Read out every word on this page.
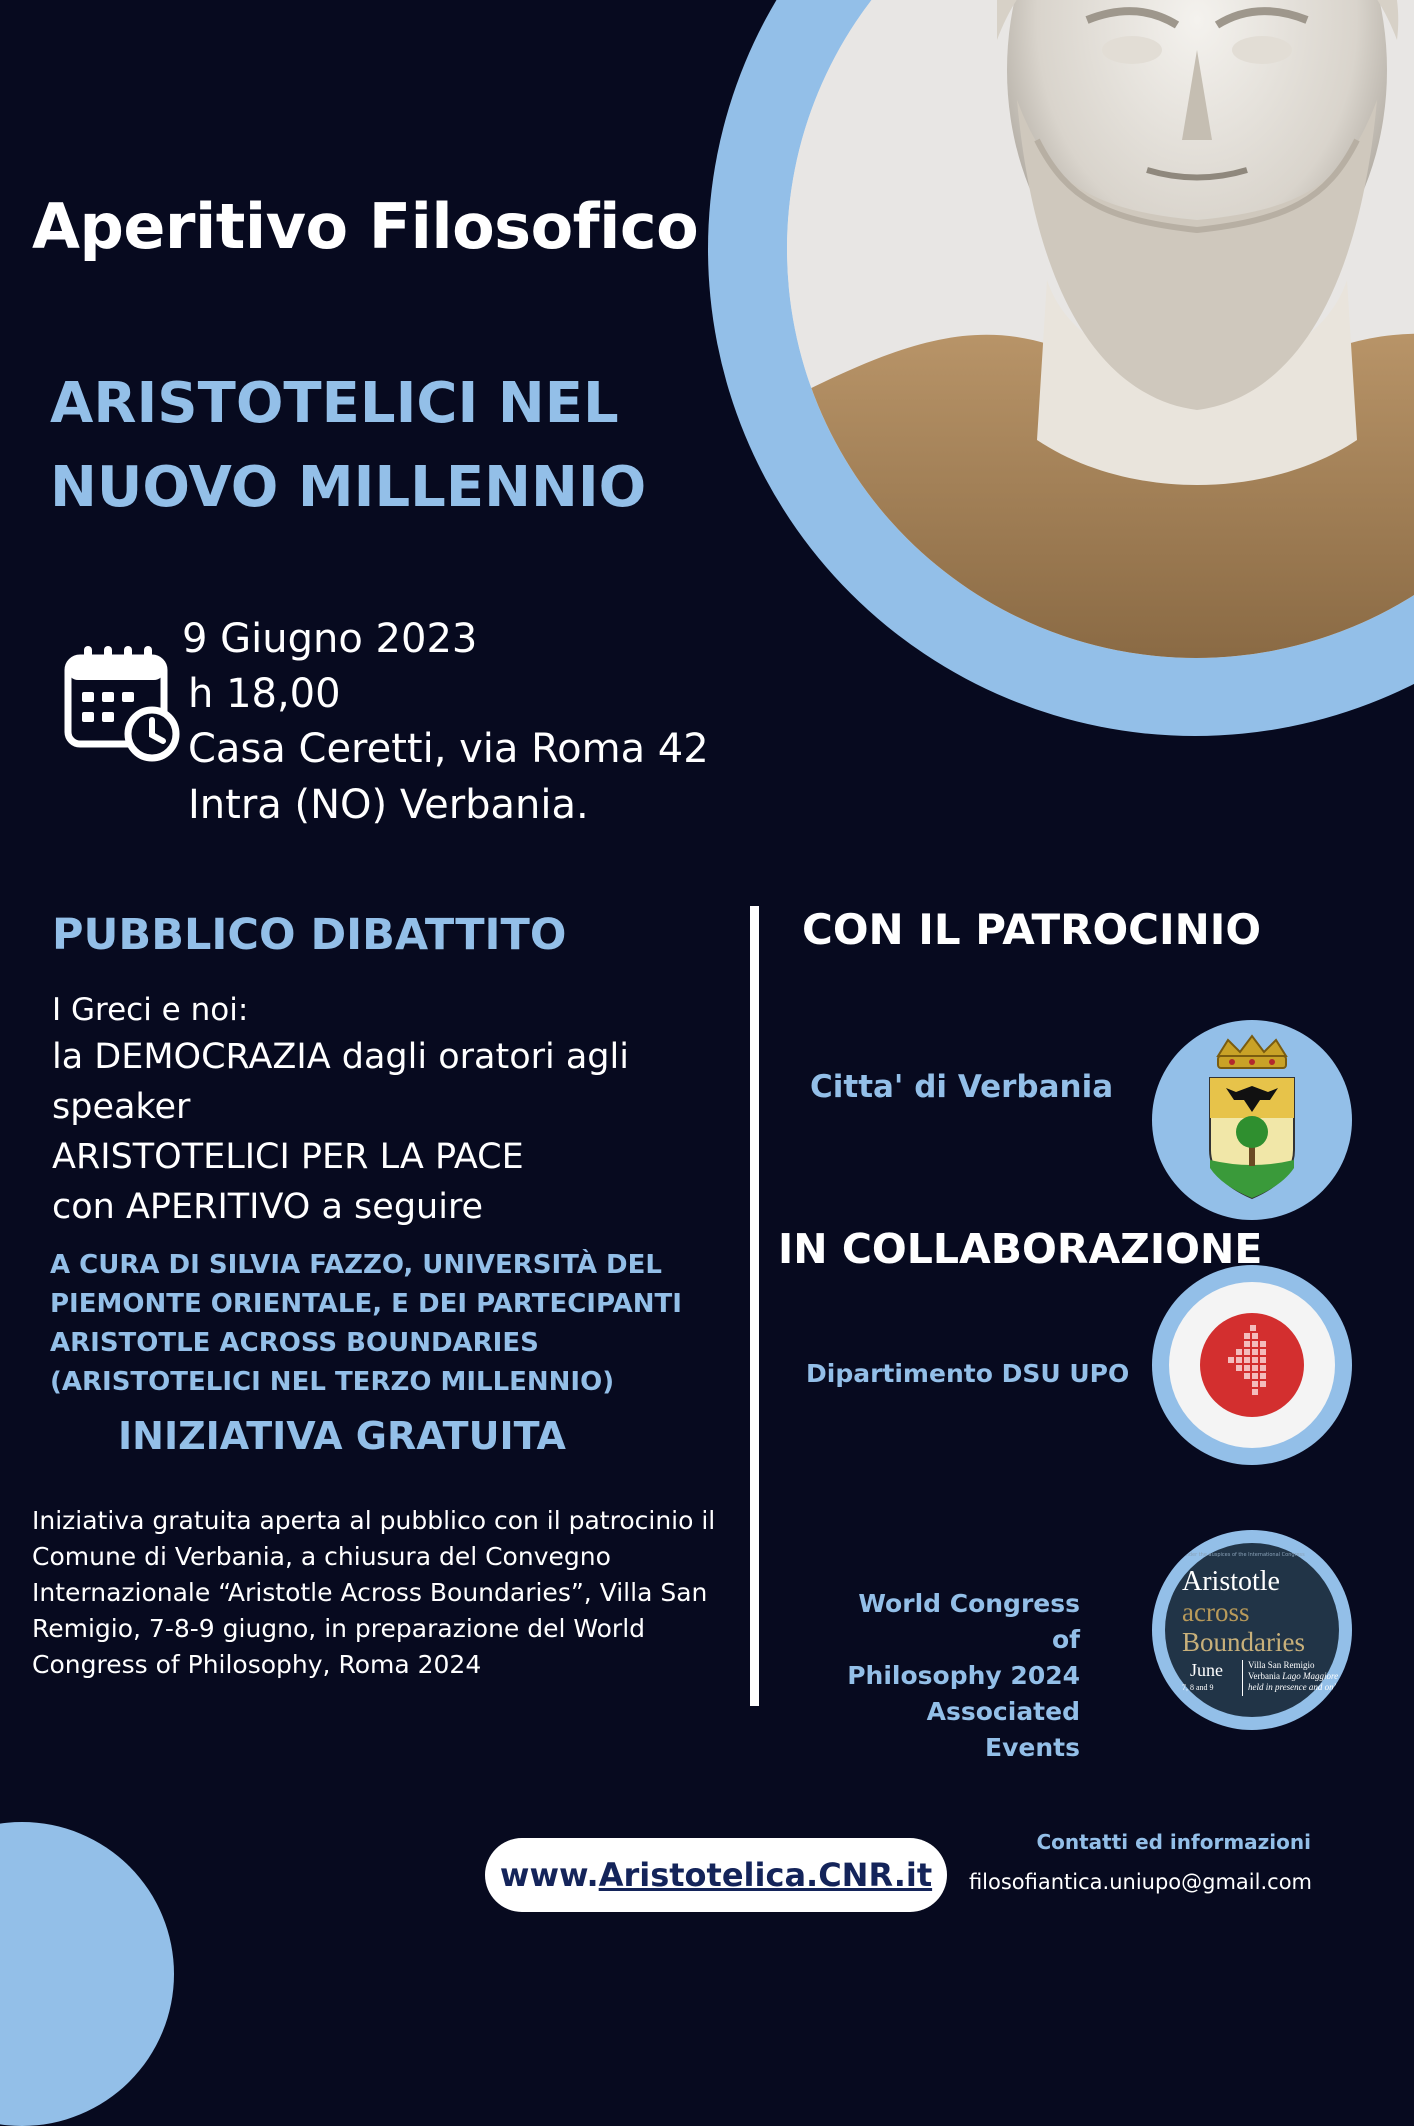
Aperitivo Filosofico
ARISTOTELICI NEL
NUOVO MILLENNIO
9 Giugno 2023
h 18,00
Casa Ceretti, via Roma 42
Intra (NO) Verbania.
PUBBLICO DIBATTITO
I Greci e noi:
la DEMOCRAZIA dagli oratori agli
speaker
ARISTOTELICI PER LA PACE
con APERITIVO a seguire
A CURA DI SILVIA FAZZO, UNIVERSITÀ DEL
PIEMONTE ORIENTALE, E DEI PARTECIPANTI
ARISTOTLE ACROSS BOUNDARIES
(ARISTOTELICI NEL TERZO MILLENNIO)
INIZIATIVA GRATUITA
Iniziativa gratuita aperta al pubblico con il patrocinio il
Comune di Verbania, a chiusura del Convegno
Internazionale “Aristotle Across Boundaries”, Villa San
Remigio, 7-8-9 giugno, in preparazione del World
Congress of Philosophy, Roma 2024
CON IL PATROCINIO
Citta' di Verbania
IN COLLABORAZIONE
Dipartimento DSU UPO
World Congress of
Philosophy 2024
Associated Events
Under the auspices of the International Congress
Aristotle
across
Boundaries
June
7, 8 and 9
Villa San Remigio
Verbania Lago Maggiore
held in presence and online
www.Aristotelica.CNR.it
Contatti ed informazioni
filosofiantica.uniupo@gmail.com
